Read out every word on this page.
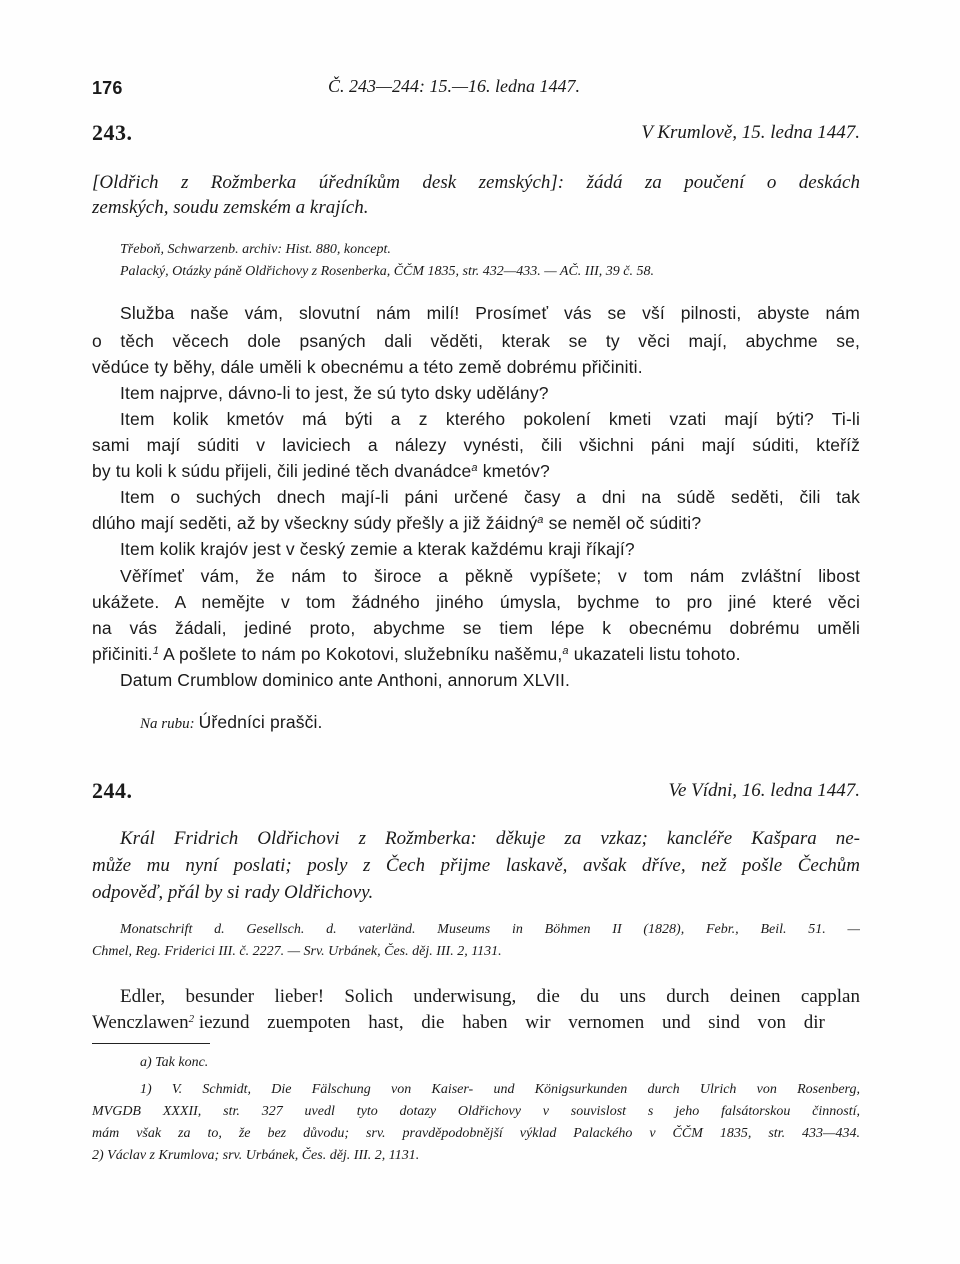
176	Č. 243—244: 15.—16. ledna 1447.
243.	V Krumlově, 15. ledna 1447.
[Oldřich z Rožmberka úředníkům desk zemských]: žádá za poučení o deskách
zemských, soudu zemském a krajích.
Třeboň, Schwarzenb. archiv: Hist. 880, koncept.
Palacký, Otázky páně Oldřichovy z Rosenberka, ČČM 1835, str. 432—433. — AČ. III, 39 č. 58.
Služba naše vám, slovutní nám milí! Prosímeť vás se vší pilnosti, abyste nám
o těch věcech dole psaných dali věděti, kterak se ty věci mají, abychme se,
vědúce ty běhy, dále uměli k obecnému a této země dobrému přičiniti.
Item najprve, dávno-li to jest, že sú tyto dsky udělány?
Item kolik kmetóv má býti a z kterého pokolení kmeti vzati mají býti? Ti-li
sami mají súditi v laviciech a nálezy vynésti, čili všichni páni mají súditi, kteříž
by tu koli k súdu přijeli, čili jediné těch dvanádce$^a$ kmetóv?
Item o suchých dnech mají-li páni určené časy a dni na súdě seděti, čili tak
dlúho mají seděti, až by všeckny súdy přešly a již žáidný$^a$ se neměl oč súditi?
Item kolik krajóv jest v český zemie a kterak každému kraji říkají?
Věřímeť vám, že nám to široce a pěkně vypíšete; v tom nám zvláštní libost
ukážete. A nemějte v tom žádného jiného úmysla, bychme to pro jiné které věci
na vás žádali, jediné proto, abychme se tiem lépe k obecnému dobrému uměli
přičiniti.$^1$ A pošlete to nám po Kokotovi, služebníku našěmu,$^a$ ukazateli listu tohoto.
Datum Crumblow dominico ante Anthoni, annorum XLVII.
Na rubu: Úředníci prašči.
244.	Ve Vídni, 16. ledna 1447.
Král Fridrich Oldřichovi z Rožmberka: děkuje za vzkaz; kancléře Kašpara ne-
může mu nyní poslati; posly z Čech přijme laskavě, avšak dříve, než pošle Čechům
odpověď, přál by si rady Oldřichovy.
Monatschrift d. Gesellsch. d. vaterländ. Museums in Böhmen II (1828), Febr., Beil. 51. —
Chmel, Reg. Friderici III. č. 2227. — Srv. Urbánek, Čes. děj. III. 2, 1131.
Edler, besunder lieber! Solich underwisung, die du uns durch deinen capplan
Wenczlawen$^2$ iezund zuempoten hast, die haben wir vernomen und sind von dir
a) Tak konc.
1) V. Schmidt, Die Fälschung von Kaiser- und Königsurkunden durch Ulrich von Rosenberg,
MVGDB XXXII, str. 327 uvedl tyto dotazy Oldřichovy v souvislost s jeho falsátorskou činností,
mám však za to, že bez důvodu; srv. pravděpodobnější výklad Palackého v ČČM 1835, str. 433—434.
2) Václav z Krumlova; srv. Urbánek, Čes. děj. III. 2, 1131.
